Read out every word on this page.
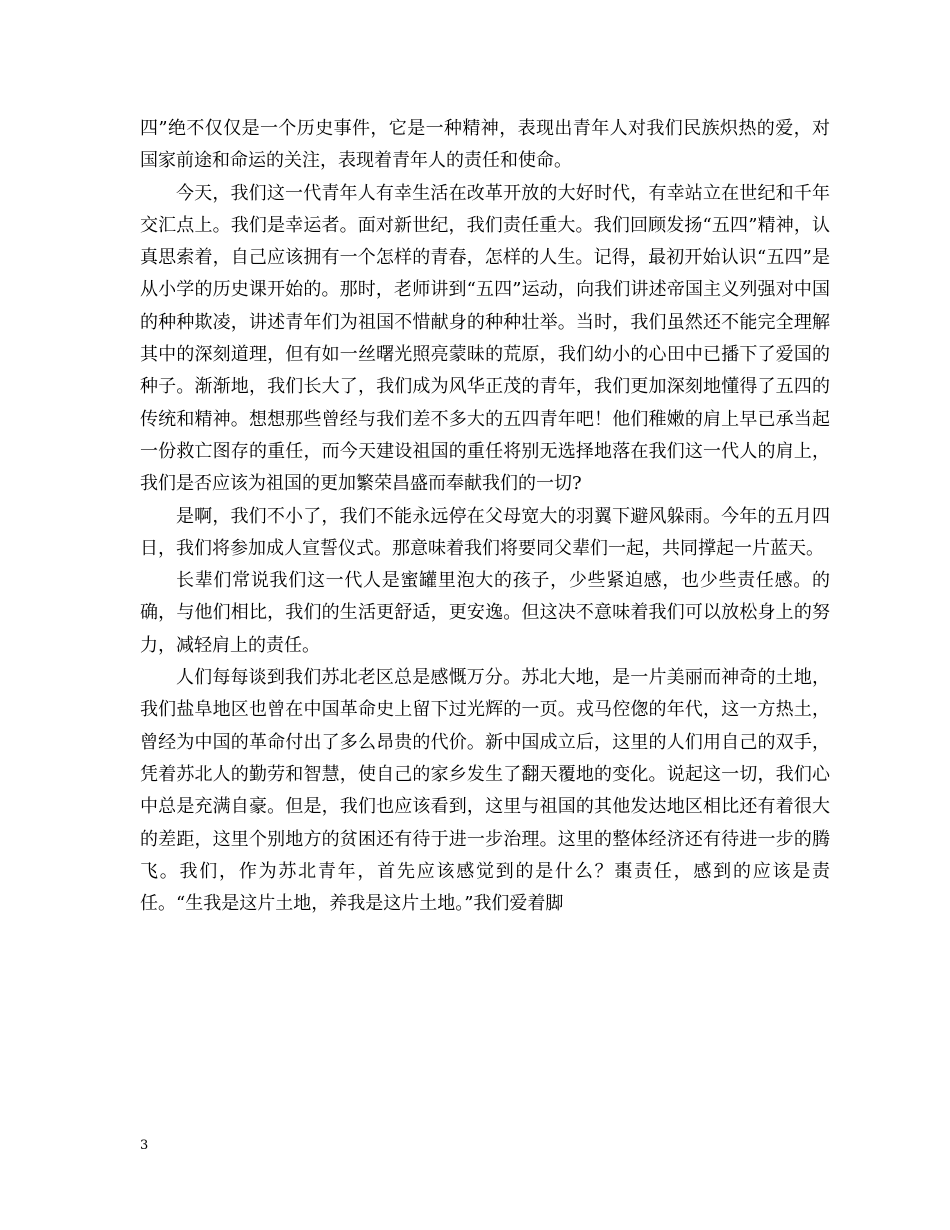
四”绝不仅仅是一个历史事件，它是一种精神，表现出青年人对我们民族炽热的爱，对国家前途和命运的关注，表现着青年人的责任和使命。

今天，我们这一代青年人有幸生活在改革开放的大好时代，有幸站立在世纪和千年交汇点上。我们是幸运者。面对新世纪，我们责任重大。我们回顾发扬“五四”精神，认真思索着，自己应该拥有一个怎样的青春，怎样的人生。记得，最初开始认识“五四”是从小学的历史课开始的。那时，老师讲到“五四”运动，向我们讲述帝国主义列强对中国的种种欺凌，讲述青年们为祖国不惜献身的种种壮举。当时，我们虽然还不能完全理解其中的深刻道理，但有如一丝曙光照亮蒙昧的荒原，我们幼小的心田中已播下了爱国的种子。渐渐地，我们长大了，我们成为风华正茂的青年，我们更加深刻地懂得了五四的传统和精神。想想那些曾经与我们差不多大的五四青年吧！他们稚嫩的肩上早已承当起一份救亡图存的重任，而今天建设祖国的重任将别无选择地落在我们这一代人的肩上，我们是否应该为祖国的更加繁荣昌盛而奉献我们的一切?

是啊，我们不小了，我们不能永远停在父母宽大的羽翼下避风躲雨。今年的五月四日，我们将参加成人宣誓仪式。那意味着我们将要同父辈们一起，共同撑起一片蓝天。

长辈们常说我们这一代人是蜜罐里泡大的孩子，少些紧迫感，也少些责任感。的确，与他们相比，我们的生活更舒适，更安逸。但这决不意味着我们可以放松身上的努力，减轻肩上的责任。

人们每每谈到我们苏北老区总是感慨万分。苏北大地，是一片美丽而神奇的土地，我们盐阜地区也曾在中国革命史上留下过光辉的一页。戎马倥偬的年代，这一方热土，曾经为中国的革命付出了多么昂贵的代价。新中国成立后，这里的人们用自己的双手，凭着苏北人的勤劳和智慧，使自己的家乡发生了翻天覆地的变化。说起这一切，我们心中总是充满自豪。但是，我们也应该看到，这里与祖国的其他发达地区相比还有着很大的差距，这里个别地方的贫困还有待于进一步治理。这里的整体经济还有待进一步的腾飞。我们，作为苏北青年，首先应该感觉到的是什么？棗责任，感到的应该是责任。“生我是这片土地，养我是这片土地。”我们爱着脚

3
